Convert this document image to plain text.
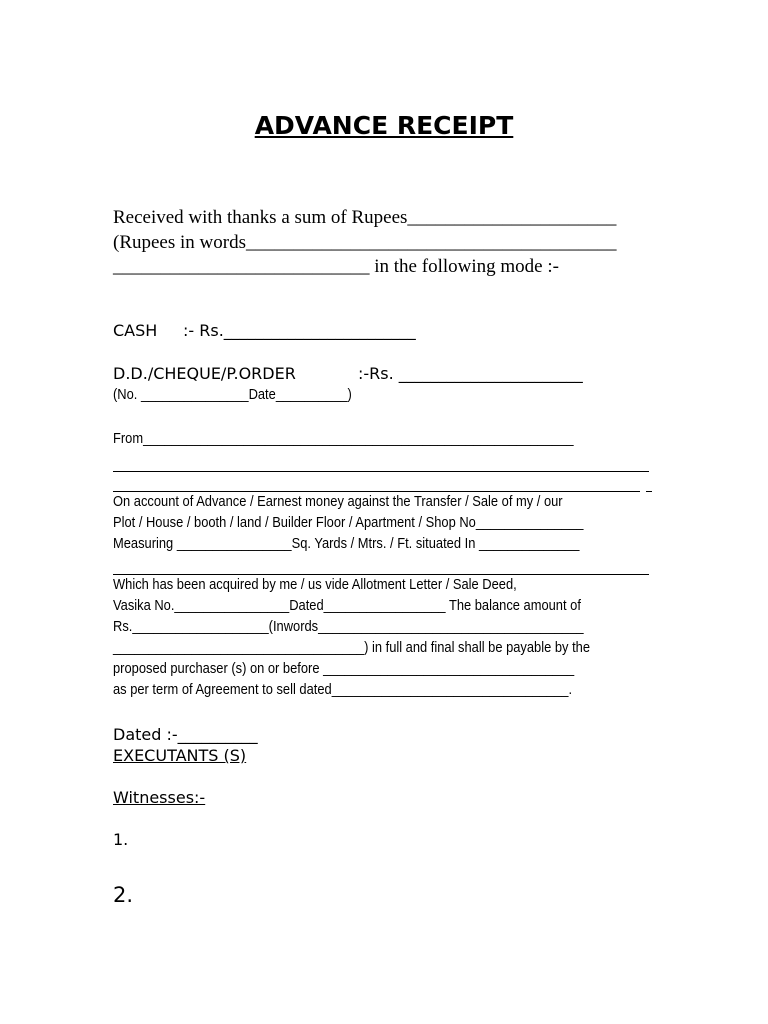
ADVANCE RECEIPT
Received with thanks a sum of Rupees______________________
(Rupees in words_______________________________________
___________________________ in the following mode :-
CASH :- Rs.________________________
D.D./CHEQUE/P.ORDER	:-Rs. _______________________
(No. _______________Date__________)
From____________________________________________________________
On account of Advance / Earnest money against the Transfer / Sale of my / our
Plot / House / booth / land / Builder Floor / Apartment / Shop No_______________
Measuring ________________Sq. Yards / Mtrs. / Ft. situated In ______________
Which has been acquired by me / us vide Allotment Letter / Sale Deed,
Vasika No.________________Dated_________________ The balance amount of
Rs.___________________(Inwords_____________________________________
___________________________________) in full and final shall be payable by the
proposed purchaser (s) on or before ___________________________________
as per term of Agreement to sell dated_________________________________.
Dated :-__________
EXECUTANTS (S)
Witnesses:-
1.
2.
